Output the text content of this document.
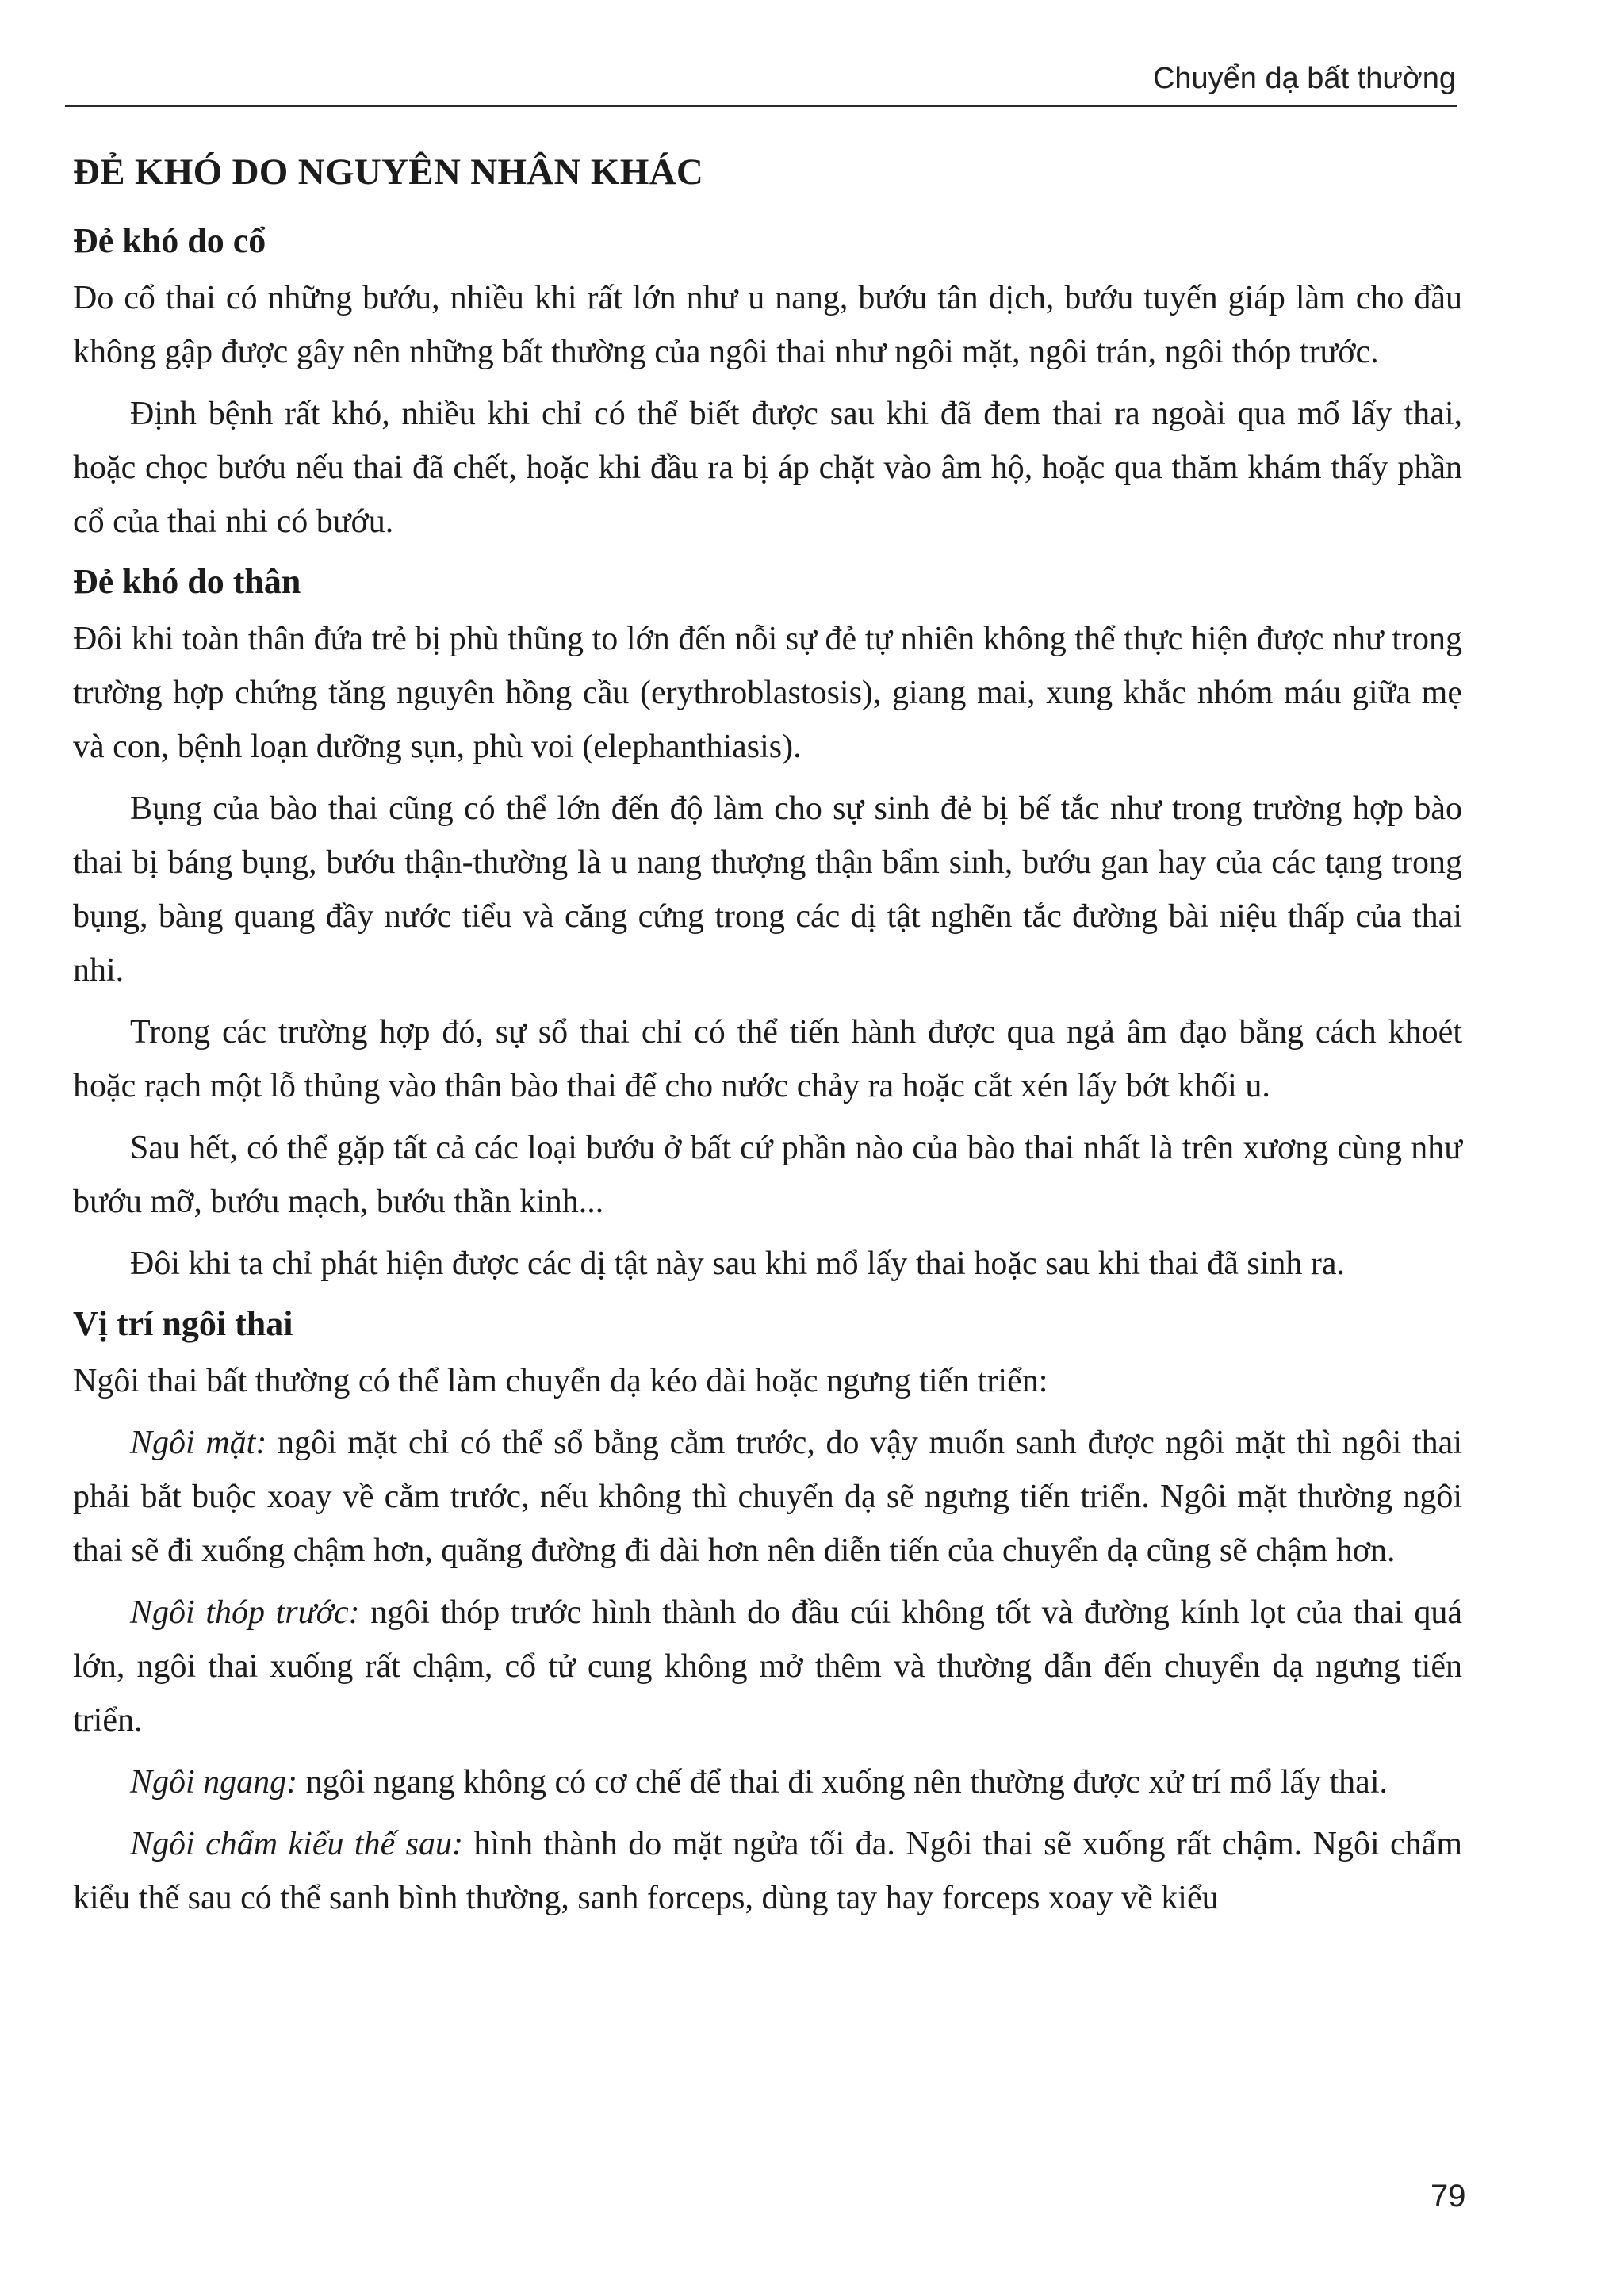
Chuyển dạ bất thường
ĐẺ KHÓ DO NGUYÊN NHÂN KHÁC
Đẻ khó do cổ

Do cổ thai có những bướu, nhiều khi rất lớn như u nang, bướu tân dịch, bướu tuyến giáp làm cho đầu không gập được gây nên những bất thường của ngôi thai như ngôi mặt, ngôi trán, ngôi thóp trước.

Định bệnh rất khó, nhiều khi chỉ có thể biết được sau khi đã đem thai ra ngoài qua mổ lấy thai, hoặc chọc bướu nếu thai đã chết, hoặc khi đầu ra bị áp chặt vào âm hộ, hoặc qua thăm khám thấy phần cổ của thai nhi có bướu.

Đẻ khó do thân

Đôi khi toàn thân đứa trẻ bị phù thũng to lớn đến nỗi sự đẻ tự nhiên không thể thực hiện được như trong trường hợp chứng tăng nguyên hồng cầu (erythroblastosis), giang mai, xung khắc nhóm máu giữa mẹ và con, bệnh loạn dưỡng sụn, phù voi (elephanthiasis).

Bụng của bào thai cũng có thể lớn đến độ làm cho sự sinh đẻ bị bế tắc như trong trường hợp bào thai bị báng bụng, bướu thận-thường là u nang thượng thận bẩm sinh, bướu gan hay của các tạng trong bụng, bàng quang đầy nước tiểu và căng cứng trong các dị tật nghẽn tắc đường bài niệu thấp của thai nhi.

Trong các trường hợp đó, sự sổ thai chỉ có thể tiến hành được qua ngả âm đạo bằng cách khoét hoặc rạch một lỗ thủng vào thân bào thai để cho nước chảy ra hoặc cắt xén lấy bớt khối u.

Sau hết, có thể gặp tất cả các loại bướu ở bất cứ phần nào của bào thai nhất là trên xương cùng như bướu mỡ, bướu mạch, bướu thần kinh...

Đôi khi ta chỉ phát hiện được các dị tật này sau khi mổ lấy thai hoặc sau khi thai đã sinh ra.

Vị trí ngôi thai

Ngôi thai bất thường có thể làm chuyển dạ kéo dài hoặc ngưng tiến triển:

Ngôi mặt: ngôi mặt chỉ có thể sổ bằng cằm trước, do vậy muốn sanh được ngôi mặt thì ngôi thai phải bắt buộc xoay về cằm trước, nếu không thì chuyển dạ sẽ ngưng tiến triển. Ngôi mặt thường ngôi thai sẽ đi xuống chậm hơn, quãng đường đi dài hơn nên diễn tiến của chuyển dạ cũng sẽ chậm hơn.

Ngôi thóp trước: ngôi thóp trước hình thành do đầu cúi không tốt và đường kính lọt của thai quá lớn, ngôi thai xuống rất chậm, cổ tử cung không mở thêm và thường dẫn đến chuyển dạ ngưng tiến triển.

Ngôi ngang: ngôi ngang không có cơ chế để thai đi xuống nên thường được xử trí mổ lấy thai.

Ngôi chẩm kiểu thế sau: hình thành do mặt ngửa tối đa. Ngôi thai sẽ xuống rất chậm. Ngôi chẩm kiểu thế sau có thể sanh bình thường, sanh forceps, dùng tay hay forceps xoay về kiểu

79
